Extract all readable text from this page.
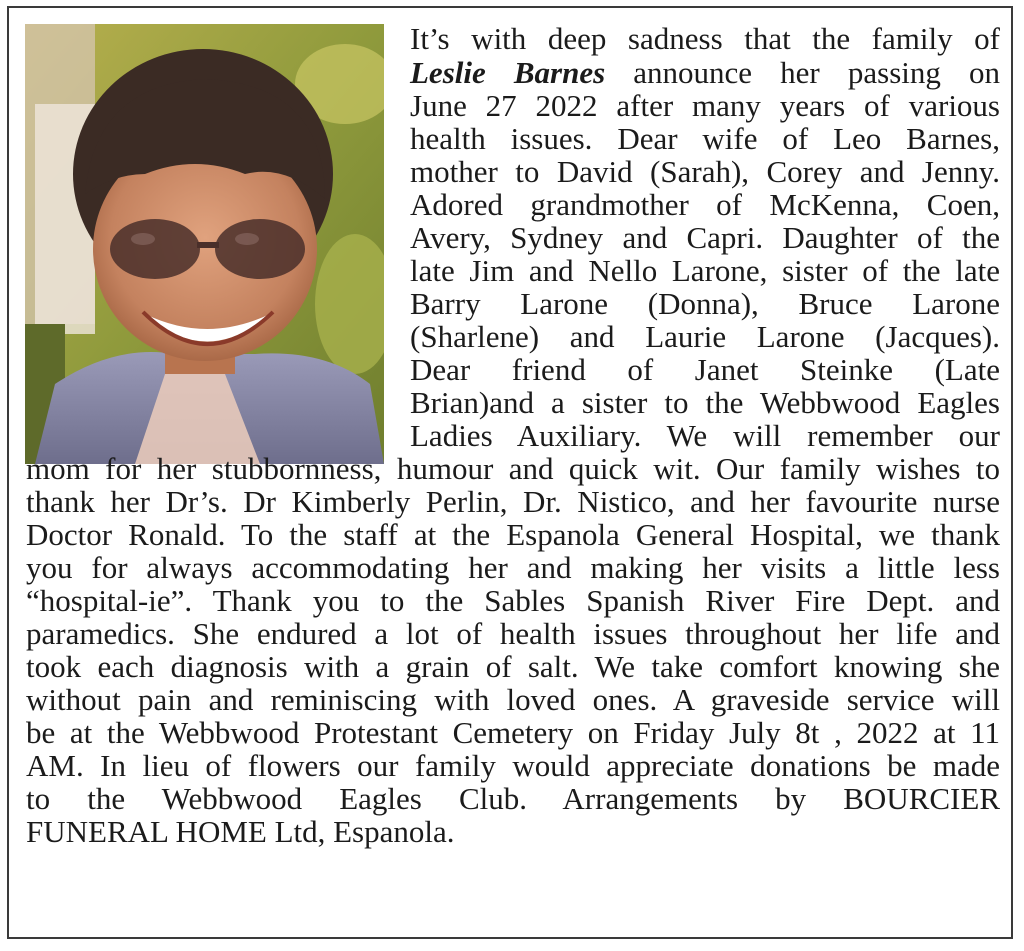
It’s with deep sadness that the family of
Leslie Barnes announce her passing on
June 27 2022 after many years of various
health issues. Dear wife of Leo Barnes,
mother to David (Sarah), Corey and Jenny.
Adored grandmother of McKenna, Coen,
Avery, Sydney and Capri. Daughter of the
late Jim and Nello Larone, sister of the late
Barry Larone (Donna), Bruce Larone
(Sharlene) and Laurie Larone (Jacques).
Dear friend of Janet Steinke (Late
Brian)and a sister to the Webbwood Eagles
Ladies Auxiliary. We will remember our
mom for her stubbornness, humour and quick wit. Our family wishes to
thank her Dr’s. Dr Kimberly Perlin, Dr. Nistico, and her favourite nurse
Doctor Ronald. To the staff at the Espanola General Hospital, we thank
you for always accommodating her and making her visits a little less
“hospital-ie”. Thank you to the Sables Spanish River Fire Dept. and
paramedics. She endured a lot of health issues throughout her life and
took each diagnosis with a grain of salt. We take comfort knowing she
without pain and reminiscing with loved ones. A graveside service will
be at the Webbwood Protestant Cemetery on Friday July 8t , 2022 at 11
AM. In lieu of flowers our family would appreciate donations be made
to the Webbwood Eagles Club. Arrangements by BOURCIER
FUNERAL HOME Ltd, Espanola.
